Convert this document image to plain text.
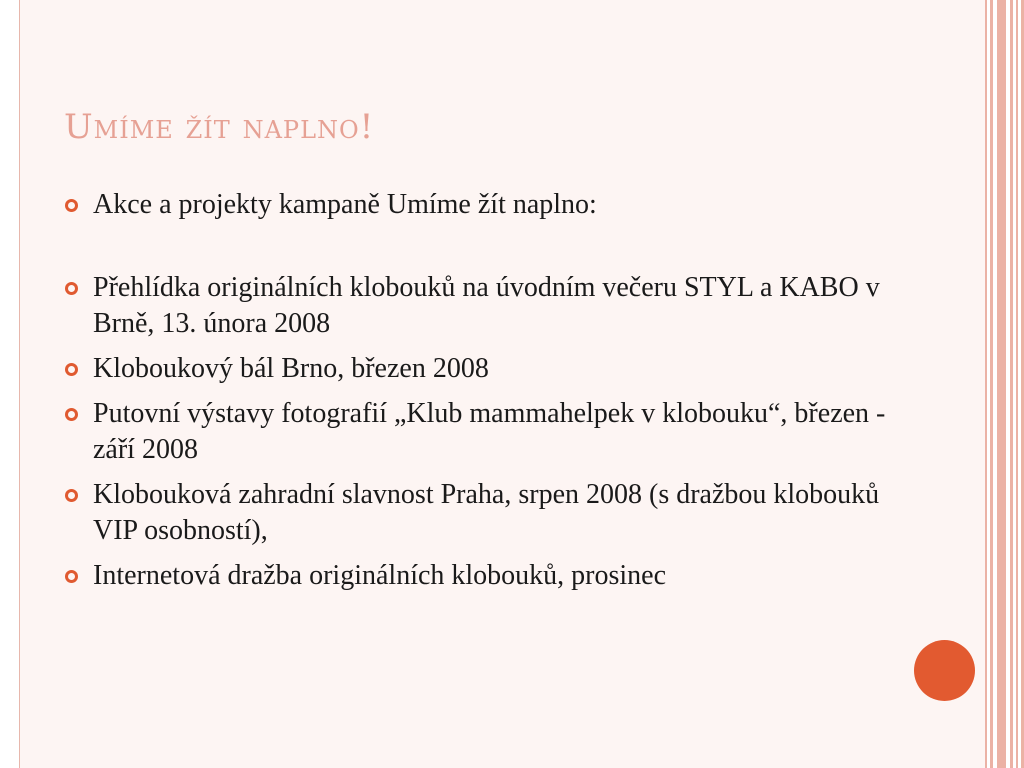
Umíme žít naplno!
Akce a projekty kampaně Umíme žít naplno:
Přehlídka originálních klobouků na úvodním večeru STYL a KABO v Brně, 13. února 2008
Kloboukový bál Brno, březen 2008
Putovní výstavy fotografií „Klub mammahelpek v klobouku“, březen - září 2008
Klobouková zahradní slavnost Praha, srpen 2008 (s dražbou klobouků VIP osobností),
Internetová dražba originálních klobouků, prosinec
